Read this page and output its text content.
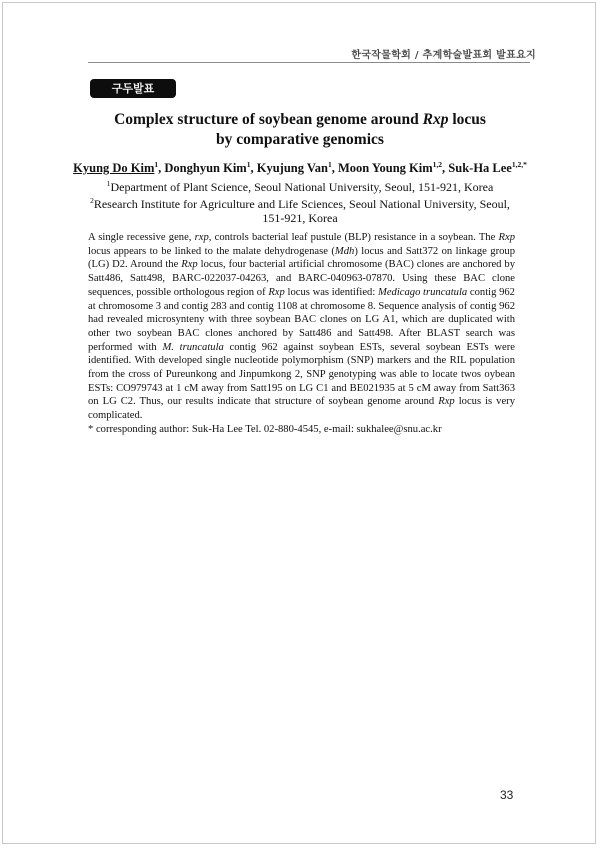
한국작물학회 / 추계학술발표회 발표요지
구두발표
Complex structure of soybean genome around Rxp locus
by comparative genomics
Kyung Do Kim$^1$, Donghyun Kim$^1$, Kyujung Van$^1$, Moon Young Kim$^{1,2}$, Suk-Ha Lee$^{1,2,*}$
$^1$Department of Plant Science, Seoul National University, Seoul, 151-921, Korea
$^2$Research Institute for Agriculture and Life Sciences, Seoul National University, Seoul,
151-921, Korea

A single recessive gene, rxp, controls bacterial leaf pustule (BLP) resistance in a soybean. The Rxp locus appears to be linked to the malate dehydrogenase (Mdh) locus and Satt372 on linkage group (LG) D2. Around the Rxp locus, four bacterial artificial chromosome (BAC) clones are anchored by Satt486, Satt498, BARC-022037-04263, and BARC-040963-07870. Using these BAC clone sequences, possible orthologous region of Rxp locus was identified: Medicago truncatula contig 962 at chromosome 3 and contig 283 and contig 1108 at chromosome 8. Sequence analysis of contig 962 had revealed microsynteny with three soybean BAC clones on LG A1, which are duplicated with other two soybean BAC clones anchored by Satt486 and Satt498. After BLAST search was performed with M. truncatula contig 962 against soybean ESTs, several soybean ESTs were identified. With developed single nucleotide polymorphism (SNP) markers and the RIL population from the cross of Pureunkong and Jinpumkong 2, SNP genotyping was able to locate twos oybean ESTs: CO979743 at 1 cM away from Satt195 on LG C1 and BE021935 at 5 cM away from Satt363 on LG C2. Thus, our results indicate that structure of soybean genome around Rxp locus is very complicated.

* corresponding author: Suk-Ha Lee Tel. 02-880-4545, e-mail: sukhalee@snu.ac.kr

33
